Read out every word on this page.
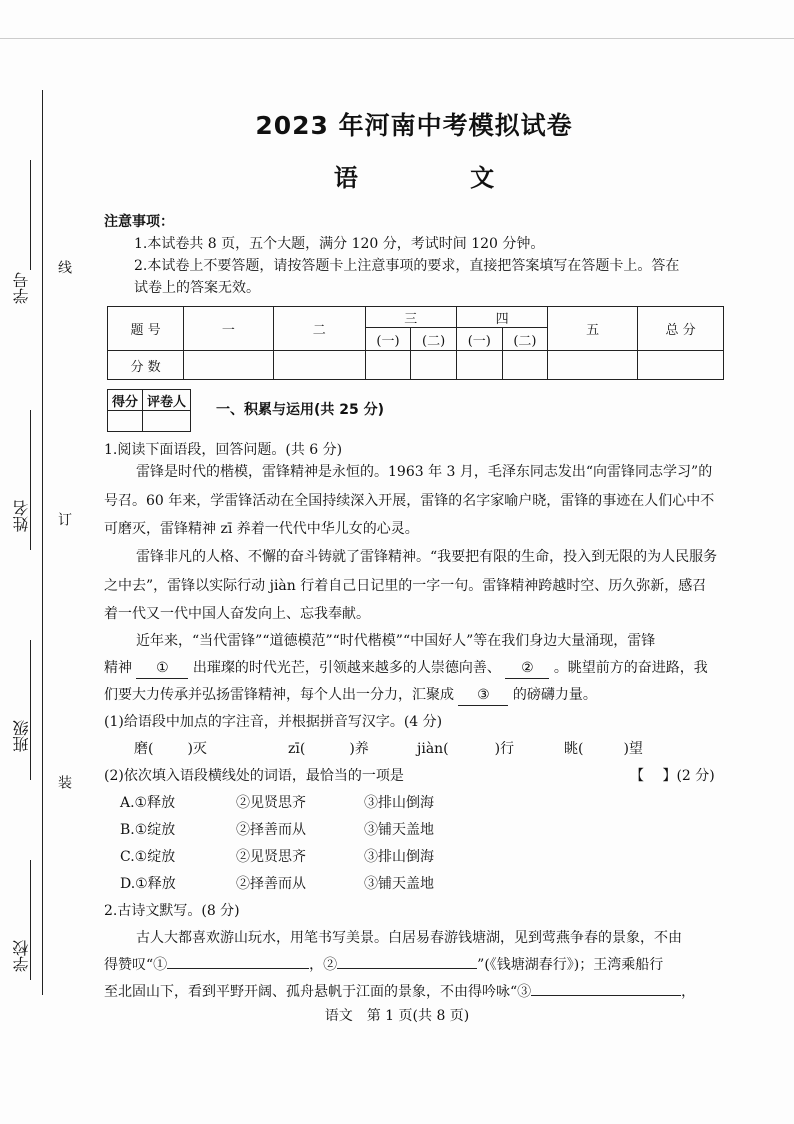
学号
姓名
班级
学校
线
订
装
2023 年河南中考模拟试卷
语 文
注意事项：
1.本试卷共 8 页，五个大题，满分 120 分，考试时间 120 分钟。
2.本试卷上不要答题，请按答题卡上注意事项的要求，直接把答案填写在答题卡上。答在
试卷上的答案无效。
题 号	一	二	三		四		五	总 分
			(一)	(二)	(一)	(二)		
分 数								
得分	评卷人
	一、积累与运用(共 25 分)
1.阅读下面语段，回答问题。(共 6 分)
雷锋是时代的楷模，雷锋精神是永恒的。1963 年 3 月，毛泽东同志发出“向雷锋同志学习”的号召。60 年来，学雷锋活动在全国持续深入开展，雷锋的名字家喻户晓，雷锋的事迹在人们心中不可磨灭，雷锋精神 zī 养着一代代中华儿女的心灵。
雷锋非凡的人格、不懈的奋斗铸就了雷锋精神。“我要把有限的生命，投入到无限的为人民服务之中去”，雷锋以实际行动 jiàn 行着自己日记里的一字一句。雷锋精神跨越时空、历久弥新，感召着一代又一代中国人奋发向上、忘我奉献。
近年来，“当代雷锋”“道德模范”“时代楷模”“中国好人”等在我们身边大量涌现，雷锋
精神 ① 出璀璨的时代光芒，引领越来越多的人崇德向善、 ② 。眺望前方的奋进路，我
们要大力传承并弘扬雷锋精神，每个人出一分力，汇聚成 ③ 的磅礴力量。
(1)给语段中加点的字注音，并根据拼音写汉字。(4 分)
磨( )灭	zī(	)养	jiàn(	)行	眺(	)望
(2)依次填入语段横线处的词语，最恰当的一项是	【　 】(2 分)
A.①释放	②见贤思齐	③排山倒海
B.①绽放	②择善而从	③铺天盖地
C.①绽放	②见贤思齐	③排山倒海
D.①释放	②择善而从	③铺天盖地
2.古诗文默写。(8 分)
古人大都喜欢游山玩水，用笔书写美景。白居易春游钱塘湖，见到莺燕争春的景象，不由
得赞叹“①	，②	”(《钱塘湖春行》)；王湾乘船行
至北固山下，看到平野开阔、孤舟悬帆于江面的景象，不由得吟咏“③	，
语文　第 1 页(共 8 页)
